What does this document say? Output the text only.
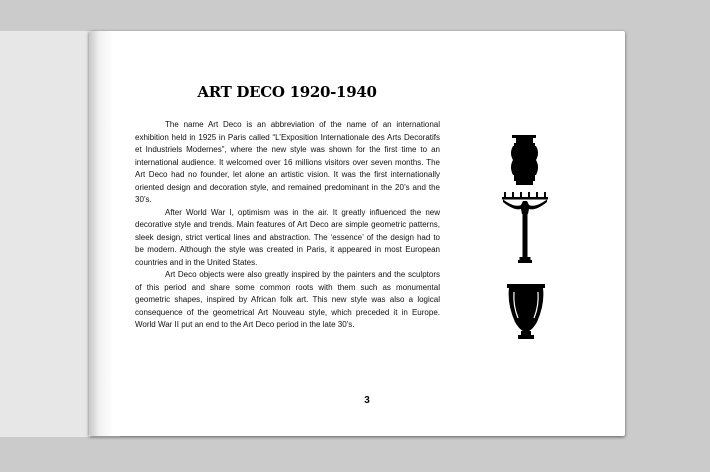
ART DECO 1920-1940

The name Art Deco is an abbreviation of the name of an international exhibition held in 1925 in Paris called “L’Exposition Internationale des Arts Decoratifs et Industriels Modernes”, where the new style was shown for the first time to an international audience. It welcomed over 16 millions visitors over seven months. The Art Deco had no founder, let alone an artistic vision. It was the first internationally oriented design and decoration style, and remained predominant in the 20’s and the 30’s.

After World War I, optimism was in the air. It greatly influenced the new decorative style and trends. Main features of Art Deco are simple geometric patterns, sleek design, strict vertical lines and abstraction. The ‘essence’ of the design had to be modern. Although the style was created in Paris, it appeared in most European countries and in the United States.

Art Deco objects were also greatly inspired by the painters and the sculptors of this period and share some common roots with them such as monumental geometric shapes, inspired by African folk art. This new style was also a logical consequence of the geometrical Art Nouveau style, which preceded it in Europe. World War II put an end to the Art Deco period in the late 30’s.

3
